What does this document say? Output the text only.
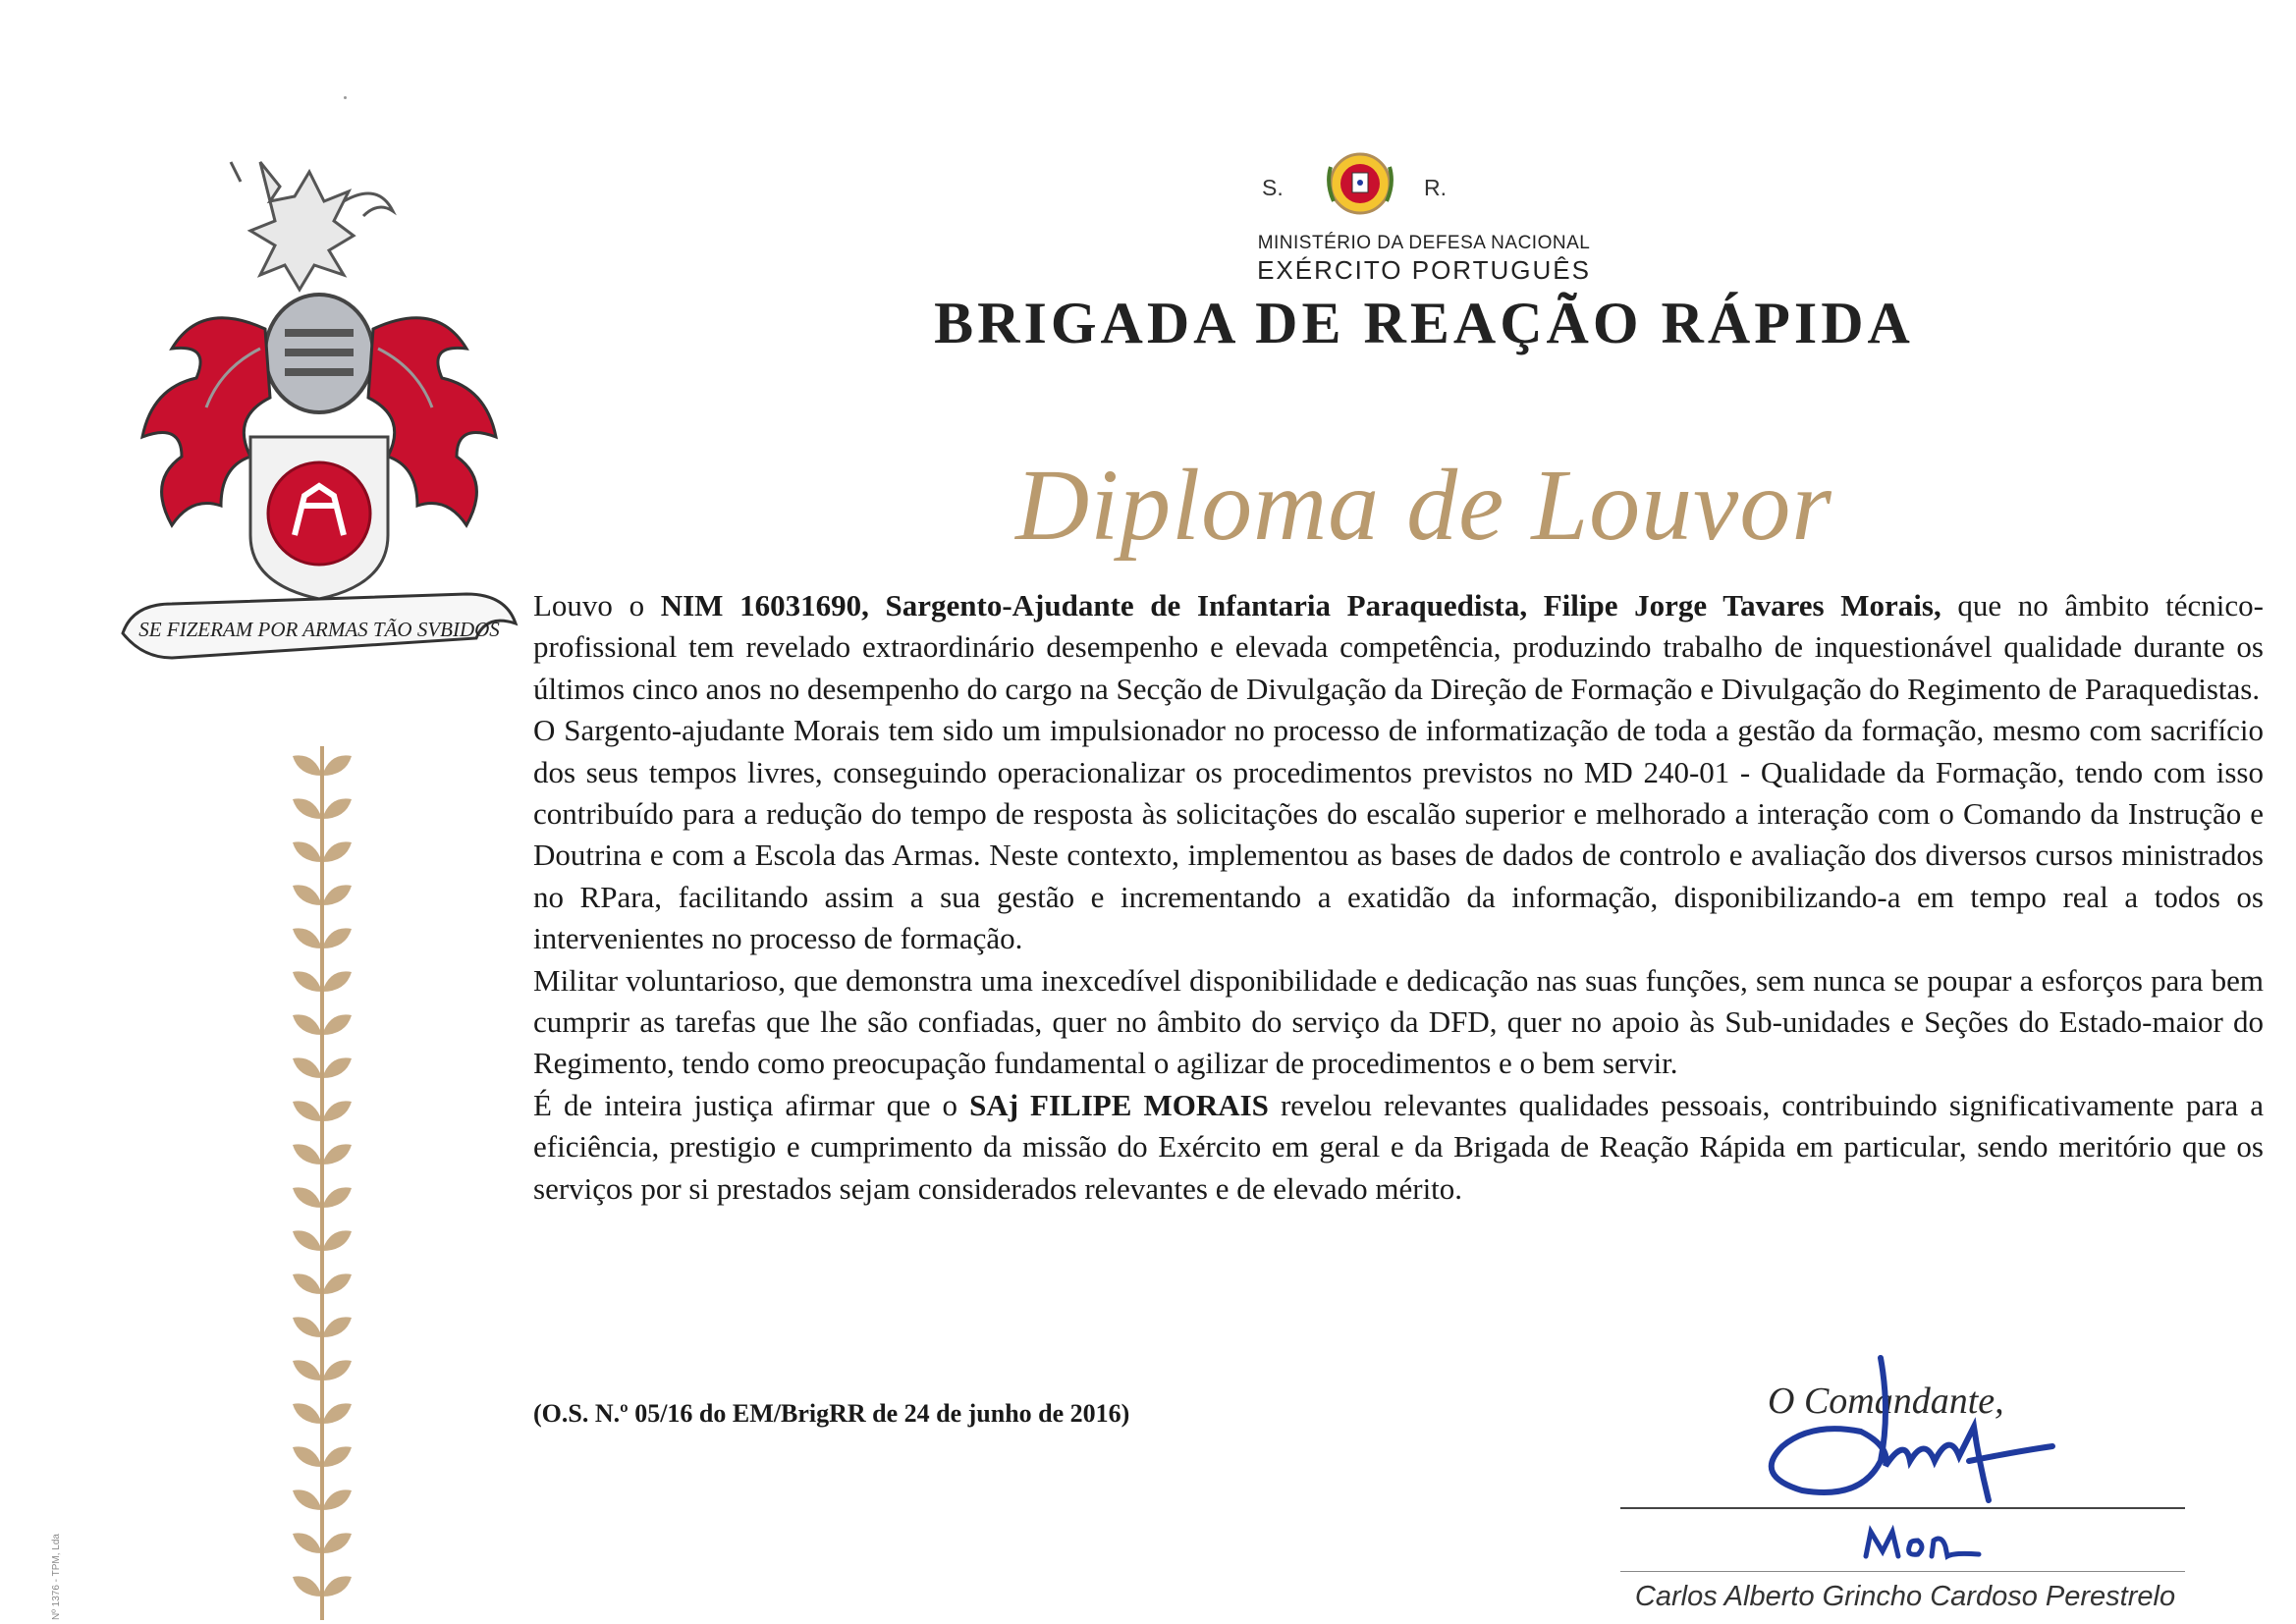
SE FIZERAM POR ARMAS TÃO SVBIDOS
S.	R.
MINISTÉRIO DA DEFESA NACIONAL
EXÉRCITO PORTUGUÊS
BRIGADA DE REAÇÃO RÁPIDA
Diploma de Louvor

Louvo o NIM 16031690, Sargento-Ajudante de Infantaria Paraquedista, Filipe Jorge Tavares Morais, que no âmbito técnico-profissional tem revelado extraordinário desempenho e elevada competência, produzindo trabalho de inquestionável qualidade durante os últimos cinco anos no desempenho do cargo na Secção de Divulgação da Direção de Formação e Divulgação do Regimento de Paraquedistas.

O Sargento-ajudante Morais tem sido um impulsionador no processo de informatização de toda a gestão da formação, mesmo com sacrifício dos seus tempos livres, conseguindo operacionalizar os procedimentos previstos no MD 240-01 - Qualidade da Formação, tendo com isso contribuído para a redução do tempo de resposta às solicitações do escalão superior e melhorado a interação com o Comando da Instrução e Doutrina e com a Escola das Armas. Neste contexto, implementou as bases de dados de controlo e avaliação dos diversos cursos ministrados no RPara, facilitando assim a sua gestão e incrementando a exatidão da informação, disponibilizando-a em tempo real a todos os intervenientes no processo de formação.

Militar voluntarioso, que demonstra uma inexcedível disponibilidade e dedicação nas suas funções, sem nunca se poupar a esforços para bem cumprir as tarefas que lhe são confiadas, quer no âmbito do serviço da DFD, quer no apoio às Sub-unidades e Seções do Estado-maior do Regimento, tendo como preocupação fundamental o agilizar de procedimentos e o bem servir.

É de inteira justiça afirmar que o SAj FILIPE MORAIS revelou relevantes qualidades pessoais, contribuindo significativamente para a eficiência, prestigio e cumprimento da missão do Exército em geral e da Brigada de Reação Rápida em particular, sendo meritório que os serviços por si prestados sejam considerados relevantes e de elevado mérito.

(O.S. N.º 05/16 do EM/BrigRR de 24 de junho de 2016)	O Comandante,
Carlos Alberto Grincho Cardoso Perestrelo
Nº 1376 - TPM, Lda
